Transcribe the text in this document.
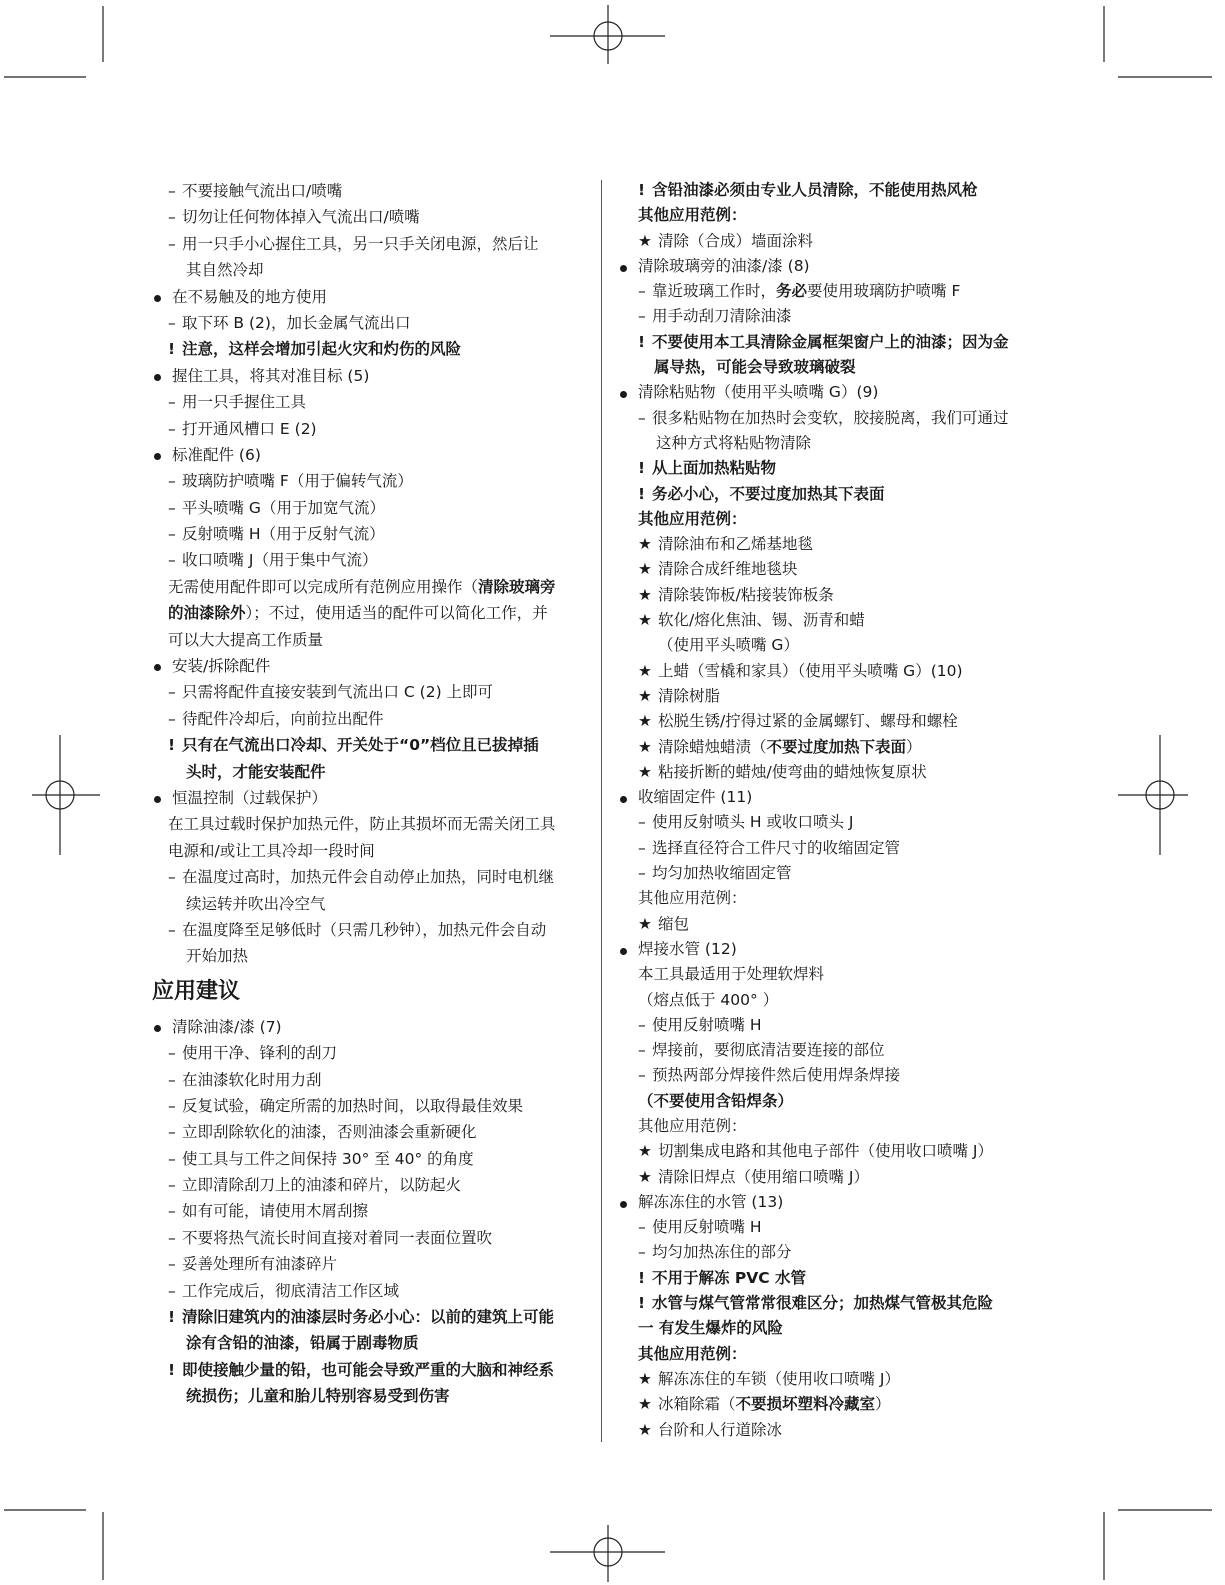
– 不要接触气流出口/喷嘴
– 切勿让任何物体掉入气流出口/喷嘴
– 用一只手小心握住工具，另一只手关闭电源，然后让
其自然冷却
在不易触及的地方使用
– 取下环 B (2)，加长金属气流出口
! 注意，这样会增加引起火灾和灼伤的风险
握住工具，将其对准目标 (5)
– 用一只手握住工具
– 打开通风槽口 E (2)
标准配件 (6)
– 玻璃防护喷嘴 F（用于偏转气流）
– 平头喷嘴 G（用于加宽气流）
– 反射喷嘴 H（用于反射气流）
– 收口喷嘴 J（用于集中气流）
无需使用配件即可以完成所有范例应用操作（清除玻璃旁
的油漆除外）；不过，使用适当的配件可以简化工作，并
可以大大提高工作质量
安装/拆除配件
– 只需将配件直接安装到气流出口 C (2) 上即可
– 待配件冷却后，向前拉出配件
! 只有在气流出口冷却、开关处于“0”档位且已拔掉插
头时，才能安装配件
恒温控制（过载保护）
在工具过载时保护加热元件，防止其损坏而无需关闭工具
电源和/或让工具冷却一段时间
– 在温度过高时，加热元件会自动停止加热，同时电机继
续运转并吹出冷空气
– 在温度降至足够低时（只需几秒钟），加热元件会自动
开始加热
应用建议
清除油漆/漆 (7)
– 使用干净、锋利的刮刀
– 在油漆软化时用力刮
– 反复试验，确定所需的加热时间，以取得最佳效果
– 立即刮除软化的油漆，否则油漆会重新硬化
– 使工具与工件之间保持 30° 至 40° 的角度
– 立即清除刮刀上的油漆和碎片，以防起火
– 如有可能，请使用木屑刮擦
– 不要将热气流长时间直接对着同一表面位置吹
– 妥善处理所有油漆碎片
– 工作完成后，彻底清洁工作区域
! 清除旧建筑内的油漆层时务必小心：以前的建筑上可能
涂有含铅的油漆，铅属于剧毒物质
! 即使接触少量的铅，也可能会导致严重的大脑和神经系
统损伤；儿童和胎儿特别容易受到伤害
! 含铅油漆必须由专业人员清除，不能使用热风枪
其他应用范例：
★ 清除（合成）墙面涂料
清除玻璃旁的油漆/漆 (8)
– 靠近玻璃工作时，务必要使用玻璃防护喷嘴 F
– 用手动刮刀清除油漆
! 不要使用本工具清除金属框架窗户上的油漆；因为金
属导热，可能会导致玻璃破裂
清除粘贴物（使用平头喷嘴 G）(9)
– 很多粘贴物在加热时会变软，胶接脱离，我们可通过
这种方式将粘贴物清除
! 从上面加热粘贴物
! 务必小心，不要过度加热其下表面
其他应用范例：
★ 清除油布和乙烯基地毯
★ 清除合成纤维地毯块
★ 清除装饰板/粘接装饰板条
★ 软化/熔化焦油、锡、沥青和蜡
（使用平头喷嘴 G）
★ 上蜡（雪橇和家具）（使用平头喷嘴 G）(10)
★ 清除树脂
★ 松脱生锈/拧得过紧的金属螺钉、螺母和螺栓
★ 清除蜡烛蜡渍（不要过度加热下表面）
★ 粘接折断的蜡烛/使弯曲的蜡烛恢复原状
收缩固定件 (11)
– 使用反射喷头 H 或收口喷头 J
– 选择直径符合工件尺寸的收缩固定管
– 均匀加热收缩固定管
其他应用范例：
★ 缩包
焊接水管 (12)
本工具最适用于处理软焊料
（熔点低于 400° ）
– 使用反射喷嘴 H
– 焊接前，要彻底清洁要连接的部位
– 预热两部分焊接件然后使用焊条焊接
（不要使用含铅焊条）
其他应用范例：
★ 切割集成电路和其他电子部件（使用收口喷嘴 J）
★ 清除旧焊点（使用缩口喷嘴 J）
解冻冻住的水管 (13)
– 使用反射喷嘴 H
– 均匀加热冻住的部分
! 不用于解冻 PVC 水管
! 水管与煤气管常常很难区分；加热煤气管极其危险
一 有发生爆炸的风险
其他应用范例：
★ 解冻冻住的车锁（使用收口喷嘴 J）
★ 冰箱除霜（不要损坏塑料冷藏室）
★ 台阶和人行道除冰
